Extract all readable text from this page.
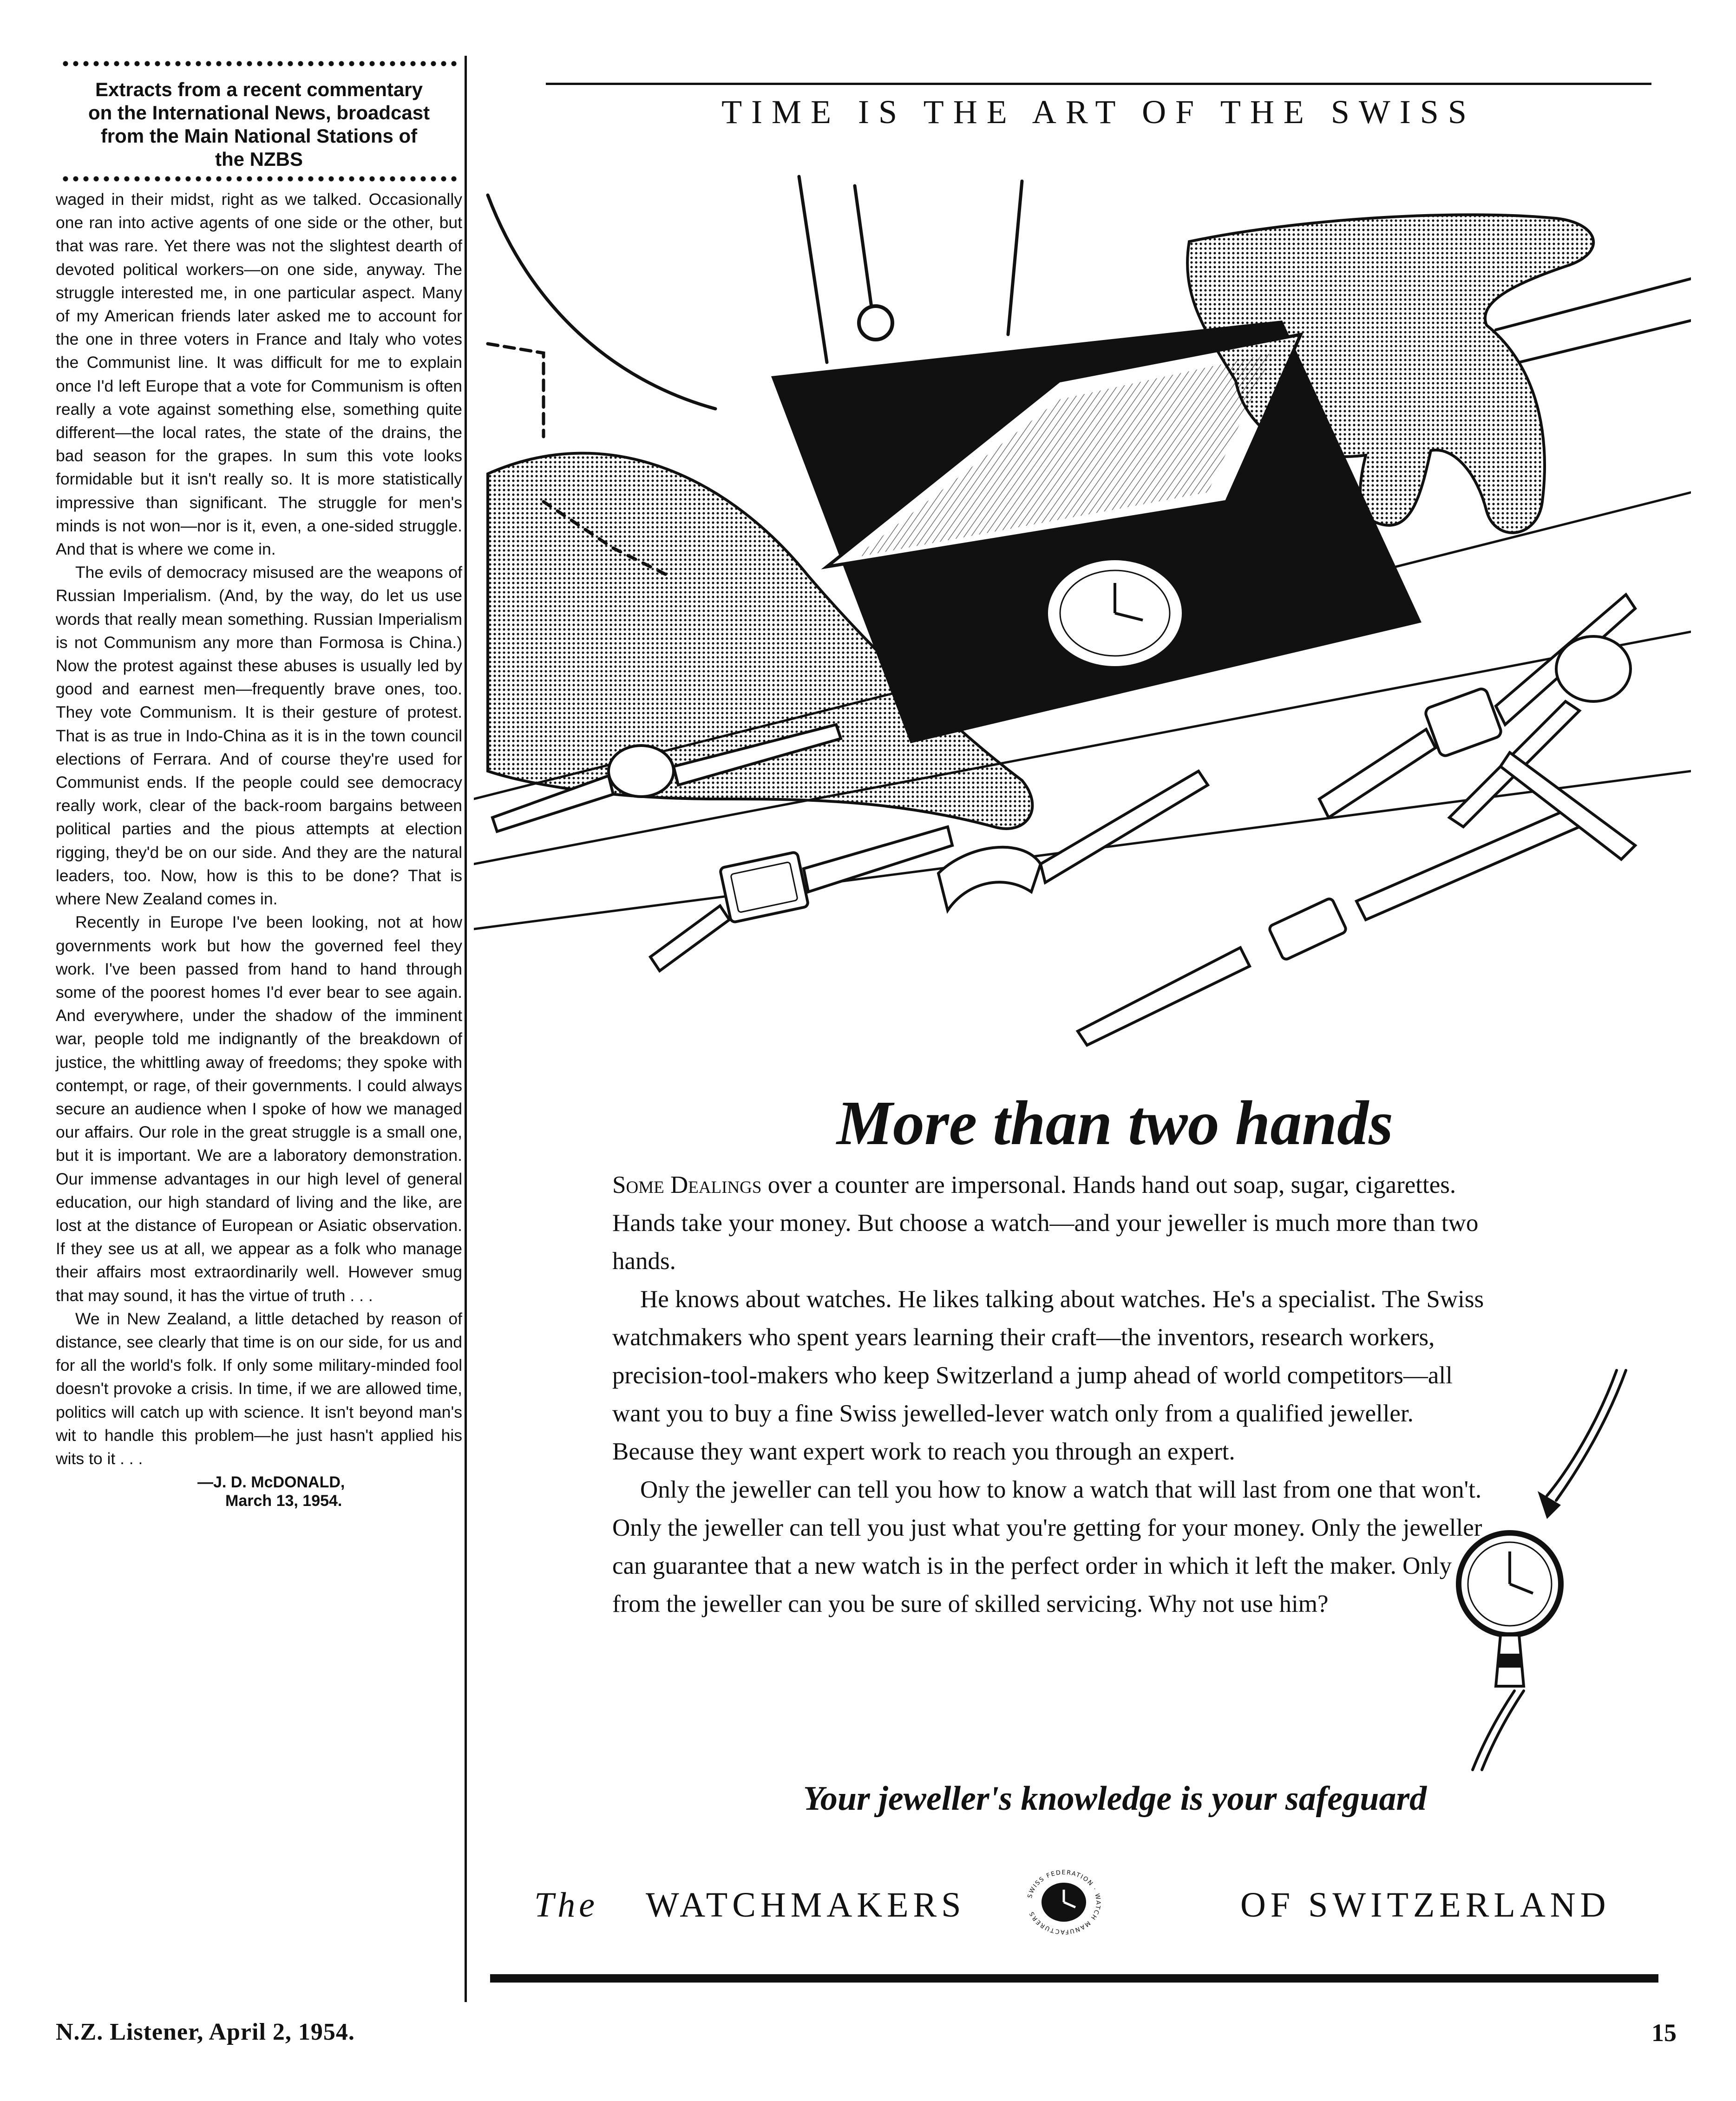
Extracts from a recent commentary
on the International News, broadcast
from the Main National Stations of
the NZBS

waged in their midst, right as we talked. Occasionally one ran into active agents of one side or the other, but that was rare. Yet there was not the slightest dearth of devoted political workers—on one side, anyway. The struggle interested me, in one particular aspect. Many of my American friends later asked me to account for the one in three voters in France and Italy who votes the Communist line. It was difficult for me to explain once I'd left Europe that a vote for Communism is often really a vote against something else, something quite different—the local rates, the state of the drains, the bad season for the grapes. In sum this vote looks formidable but it isn't really so. It is more statistically impressive than significant. The struggle for men's minds is not won—nor is it, even, a one-sided struggle. And that is where we come in.

The evils of democracy misused are the weapons of Russian Imperialism. (And, by the way, do let us use words that really mean something. Russian Imperialism is not Communism any more than Formosa is China.) Now the protest against these abuses is usually led by good and earnest men—frequently brave ones, too. They vote Communism. It is their gesture of protest. That is as true in Indo-China as it is in the town council elections of Ferrara. And of course they're used for Communist ends. If the people could see democracy really work, clear of the back-room bargains between political parties and the pious attempts at election rigging, they'd be on our side. And they are the natural leaders, too. Now, how is this to be done? That is where New Zealand comes in.

Recently in Europe I've been looking, not at how governments work but how the governed feel they work. I've been passed from hand to hand through some of the poorest homes I'd ever bear to see again. And everywhere, under the shadow of the imminent war, people told me indignantly of the breakdown of justice, the whittling away of freedoms; they spoke with contempt, or rage, of their governments. I could always secure an audience when I spoke of how we managed our affairs. Our role in the great struggle is a small one, but it is important. We are a laboratory demonstration. Our immense advantages in our high level of general education, our high standard of living and the like, are lost at the distance of European or Asiatic observation. If they see us at all, we appear as a folk who manage their affairs most extraordinarily well. However smug that may sound, it has the virtue of truth . . .

We in New Zealand, a little detached by reason of distance, see clearly that time is on our side, for us and for all the world's folk. If only some military-minded fool doesn't provoke a crisis. In time, if we are allowed time, politics will catch up with science. It isn't beyond man's wit to handle this problem—he just hasn't applied his wits to it . . .

—J. D. McDONALD,
March 13, 1954.
TIME IS THE ART OF THE SWISS
More than two hands

Some Dealings over a counter are impersonal. Hands hand out soap, sugar, cigarettes. Hands take your money. But choose a watch—and your jeweller is much more than two hands.

He knows about watches. He likes talking about watches. He's a specialist. The Swiss watchmakers who spent years learning their craft—the inventors, research workers, precision-tool-makers who keep Switzerland a jump ahead of world competitors—all want you to buy a fine Swiss jewelled-lever watch only from a qualified jeweller. Because they want expert work to reach you through an expert.

Only the jeweller can tell you how to know a watch that will last from one that won't. Only the jeweller can tell you just what you're getting for your money. Only the jeweller can guarantee that a new watch is in the perfect order in which it left the maker. Only from the jeweller can you be sure of skilled servicing. Why not use him?

Your jeweller's knowledge is your safeguard

The WATCHMAKERS	SWISS FEDERATION · WATCH MANUFACTURERS	OF SWITZERLAND

N.Z. Listener, April 2, 1954.	15
